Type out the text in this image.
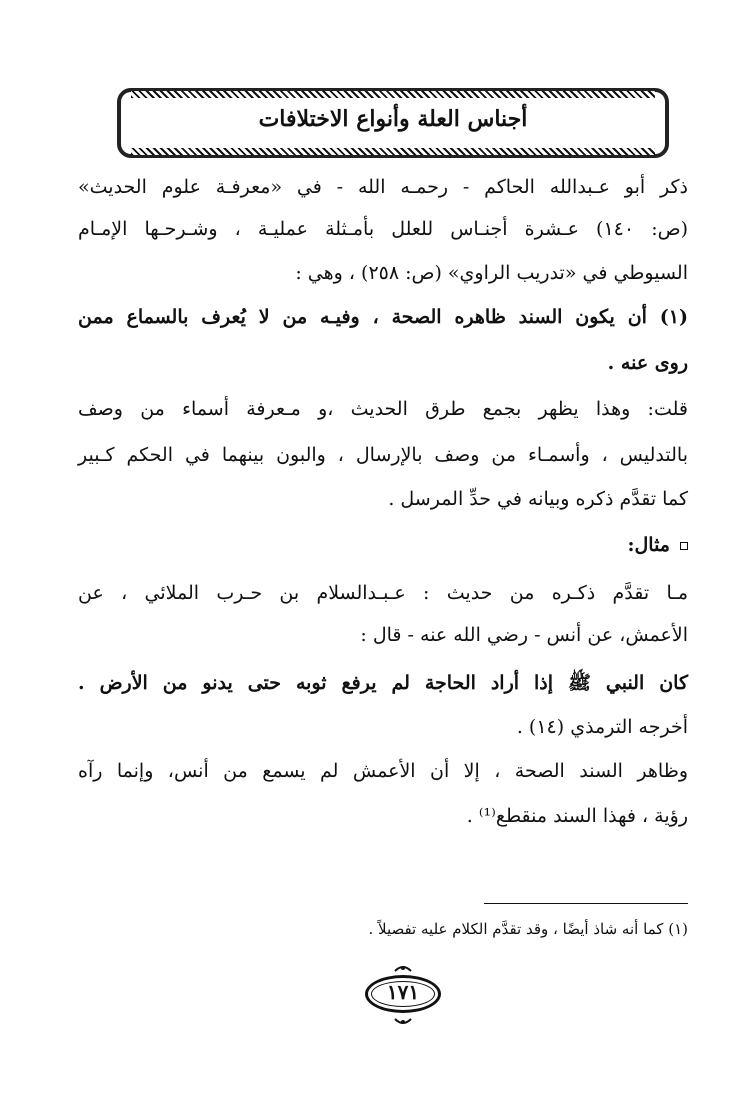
أجناس العلة وأنواع الاختلافات
ذكر أبو عـبدالله الحاكم - رحمـه الله - في «معرفـة علوم الحديث»
(ص: ١٤٠) عـشرة أجنـاس للعلل بأمـثلة عمليـة ، وشـرحـها الإمـام
السيوطي في «تدريب الراوي» (ص: ٢٥٨) ، وهي :
(١) أن يكون السند ظاهره الصحة ، وفيـه من لا يُعرف بالسماع ممن
روى عنه .
قلت: وهذا يظهر بجمع طرق الحديث ،و مـعرفة أسماء من وصف
بالتدليس ، وأسمـاء من وصف بالإرسال ، والبون بينهما في الحكم كـبير
كما تقدَّم ذكره وبيانه في حدِّ المرسل .
مثال:
مـا تقدَّم ذكـره من حديث : عـبـدالسلام بن حـرب الملائي ، عن
الأعمش، عن أنس - رضي الله عنه - قال :
كان النبي ﷺ إذا أراد الحاجة لم يرفع ثوبه حتى يدنو من الأرض .
أخرجه الترمذي (١٤) .
وظاهر السند الصحة ، إلا أن الأعمش لم يسمع من أنس، وإنما رآه
رؤية ، فهذا السند منقطع⁽¹⁾ .
(١) كما أنه شاذ أيضًا ، وقد تقدَّم الكلام عليه تفصيلاً .
١٧١
